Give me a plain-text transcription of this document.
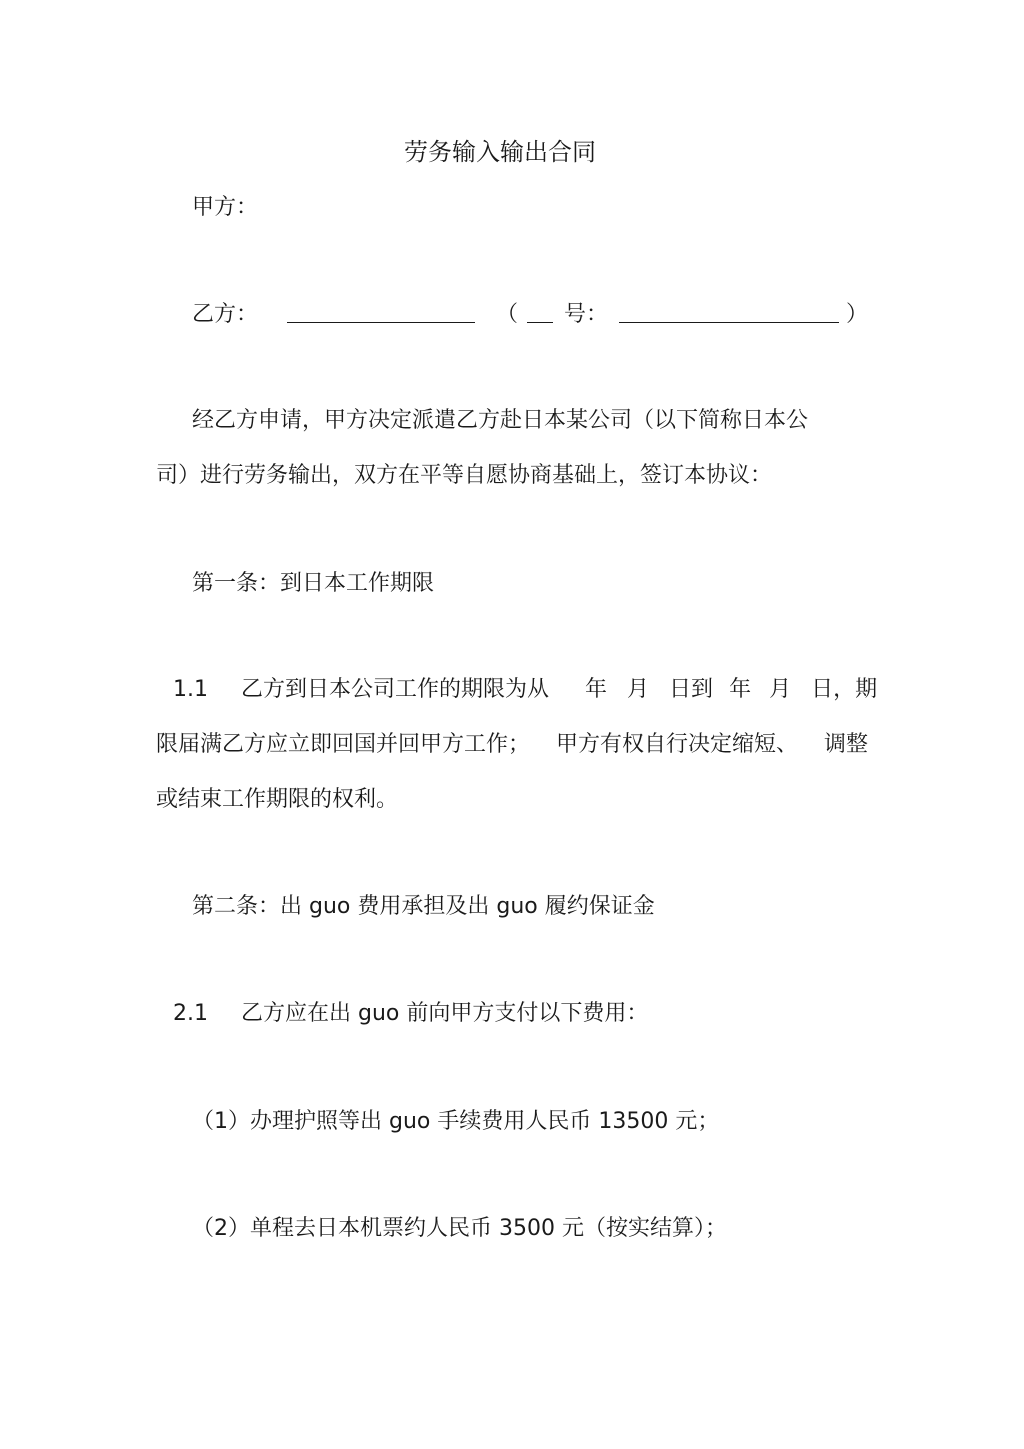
劳务输入输出合同
甲方：
乙方：	（ 号：	）
经乙方申请，甲方决定派遣乙方赴日本某公司（以下简称日本公
司）进行劳务输出，双方在平等自愿协商基础上，签订本协议：
第一条：到日本工作期限
1.1 乙方到日本公司工作的期限为从 年 月 日到 年 月 日，期
限届满乙方应立即回国并回甲方工作； 甲方有权自行决定缩短、 调整
或结束工作期限的权利。
第二条：出 guo 费用承担及出 guo 履约保证金
2.1 乙方应在出 guo 前向甲方支付以下费用：
（1）办理护照等出 guo 手续费用人民币 13500 元；
（2）单程去日本机票约人民币 3500 元（按实结算）；
